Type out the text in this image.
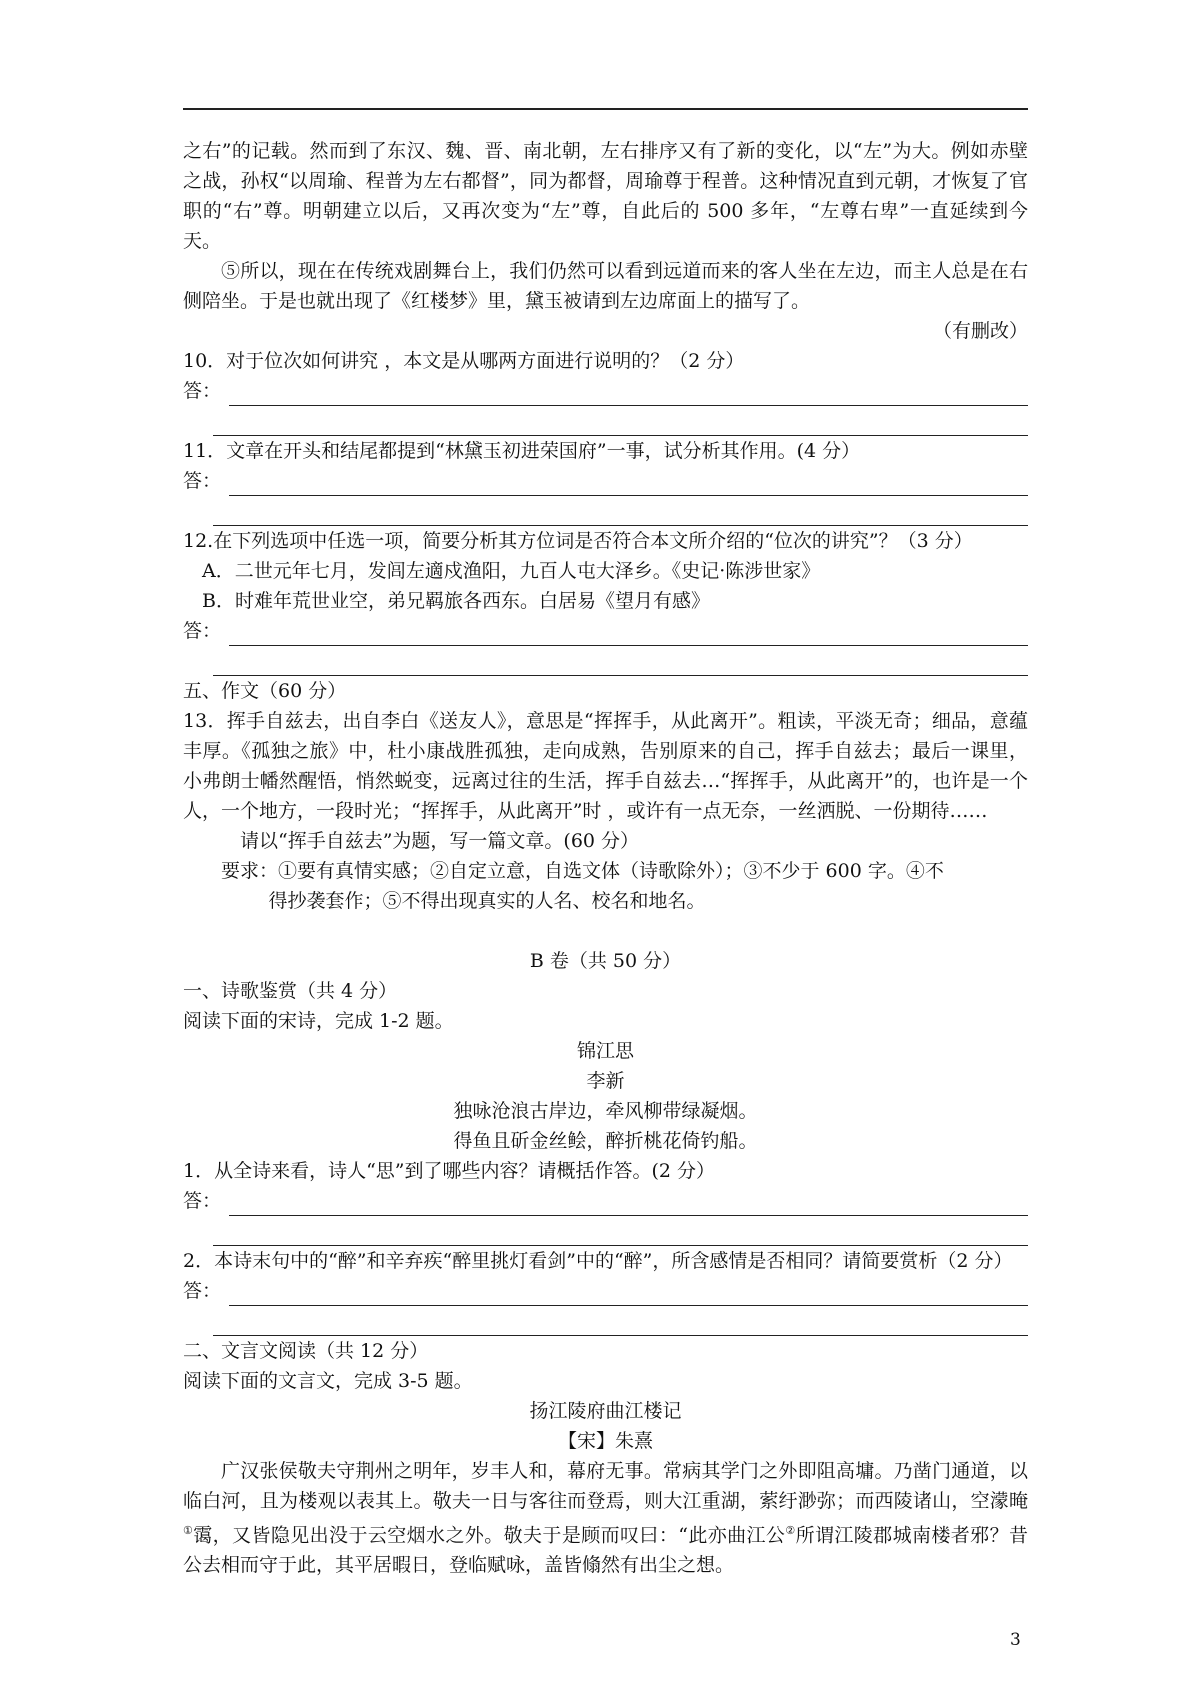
之右”的记载。然而到了东汉、魏、晋、南北朝，左右排序又有了新的变化，以“左”为大。例如赤壁之战，孙权“以周瑜、程普为左右都督”，同为都督，周瑜尊于程普。这种情况直到元朝，才恢复了官职的“右”尊。明朝建立以后，又再次变为“左”尊，自此后的 500 多年，“左尊右卑”一直延续到今天。

⑤所以，现在在传统戏剧舞台上，我们仍然可以看到远道而来的客人坐在左边，而主人总是在右侧陪坐。于是也就出现了《红楼梦》里，黛玉被请到左边席面上的描写了。

（有删改）

10．对于位次如何讲究 ，本文是从哪两方面进行说明的？（2 分）

答：

11．文章在开头和结尾都提到“林黛玉初进荣国府”一事，试分析其作用。(4 分）

答：

12.在下列选项中任选一项，简要分析其方位词是否符合本文所介绍的“位次的讲究”？（3 分）

A．二世元年七月，发闾左適戍渔阳，九百人屯大泽乡。《史记·陈涉世家》

B．时难年荒世业空，弟兄羁旅各西东。白居易《望月有感》

答：

五、作文（60 分）

13．挥手自兹去，出自李白《送友人》，意思是“挥挥手，从此离开”。粗读，平淡无奇；细品，意蕴丰厚。《孤独之旅》中，杜小康战胜孤独，走向成熟，告别原来的自己，挥手自兹去；最后一课里，小弗朗士幡然醒悟，悄然蜕变，远离过往的生活，挥手自兹去…“挥挥手，从此离开”的，也许是一个人，一个地方，一段时光；“挥挥手，从此离开”时 ，或许有一点无奈，一丝洒脱、一份期待……

请以“挥手自兹去”为题，写一篇文章。(60 分）

要求：①要有真情实感；②自定立意，自选文体（诗歌除外）；③不少于 600 字。④不

得抄袭套作；⑤不得出现真实的人名、校名和地名。

B 卷（共 50 分）

一、诗歌鉴赏（共 4 分）

阅读下面的宋诗，完成 1-2 题。

锦江思

李新

独咏沧浪古岸边，牵风柳带绿凝烟。

得鱼且斫金丝鲙，醉折桃花倚钓船。

1．从全诗来看，诗人“思”到了哪些内容？请概括作答。(2 分）

答：

2．本诗末句中的“醉”和辛弃疾“醉里挑灯看剑”中的“醉”，所含感情是否相同？请简要赏析（2 分）

答：

二、文言文阅读（共 12 分）

阅读下面的文言文，完成 3-5 题。

扬江陵府曲江楼记

【宋】朱熹

广汉张侯敬夫守荆州之明年，岁丰人和，幕府无事。常病其学门之外即阻高墉。乃凿门通道，以临白河，且为楼观以表其上。敬夫一日与客往而登焉，则大江重湖，萦纡渺弥；而西陵诸山，空濛晻①霭，又皆隐见出没于云空烟水之外。敬夫于是顾而叹曰：“此亦曲江公②所谓江陵郡城南楼者邪？昔公去相而守于此，其平居暇日，登临赋咏，盖皆翛然有出尘之想。

3
